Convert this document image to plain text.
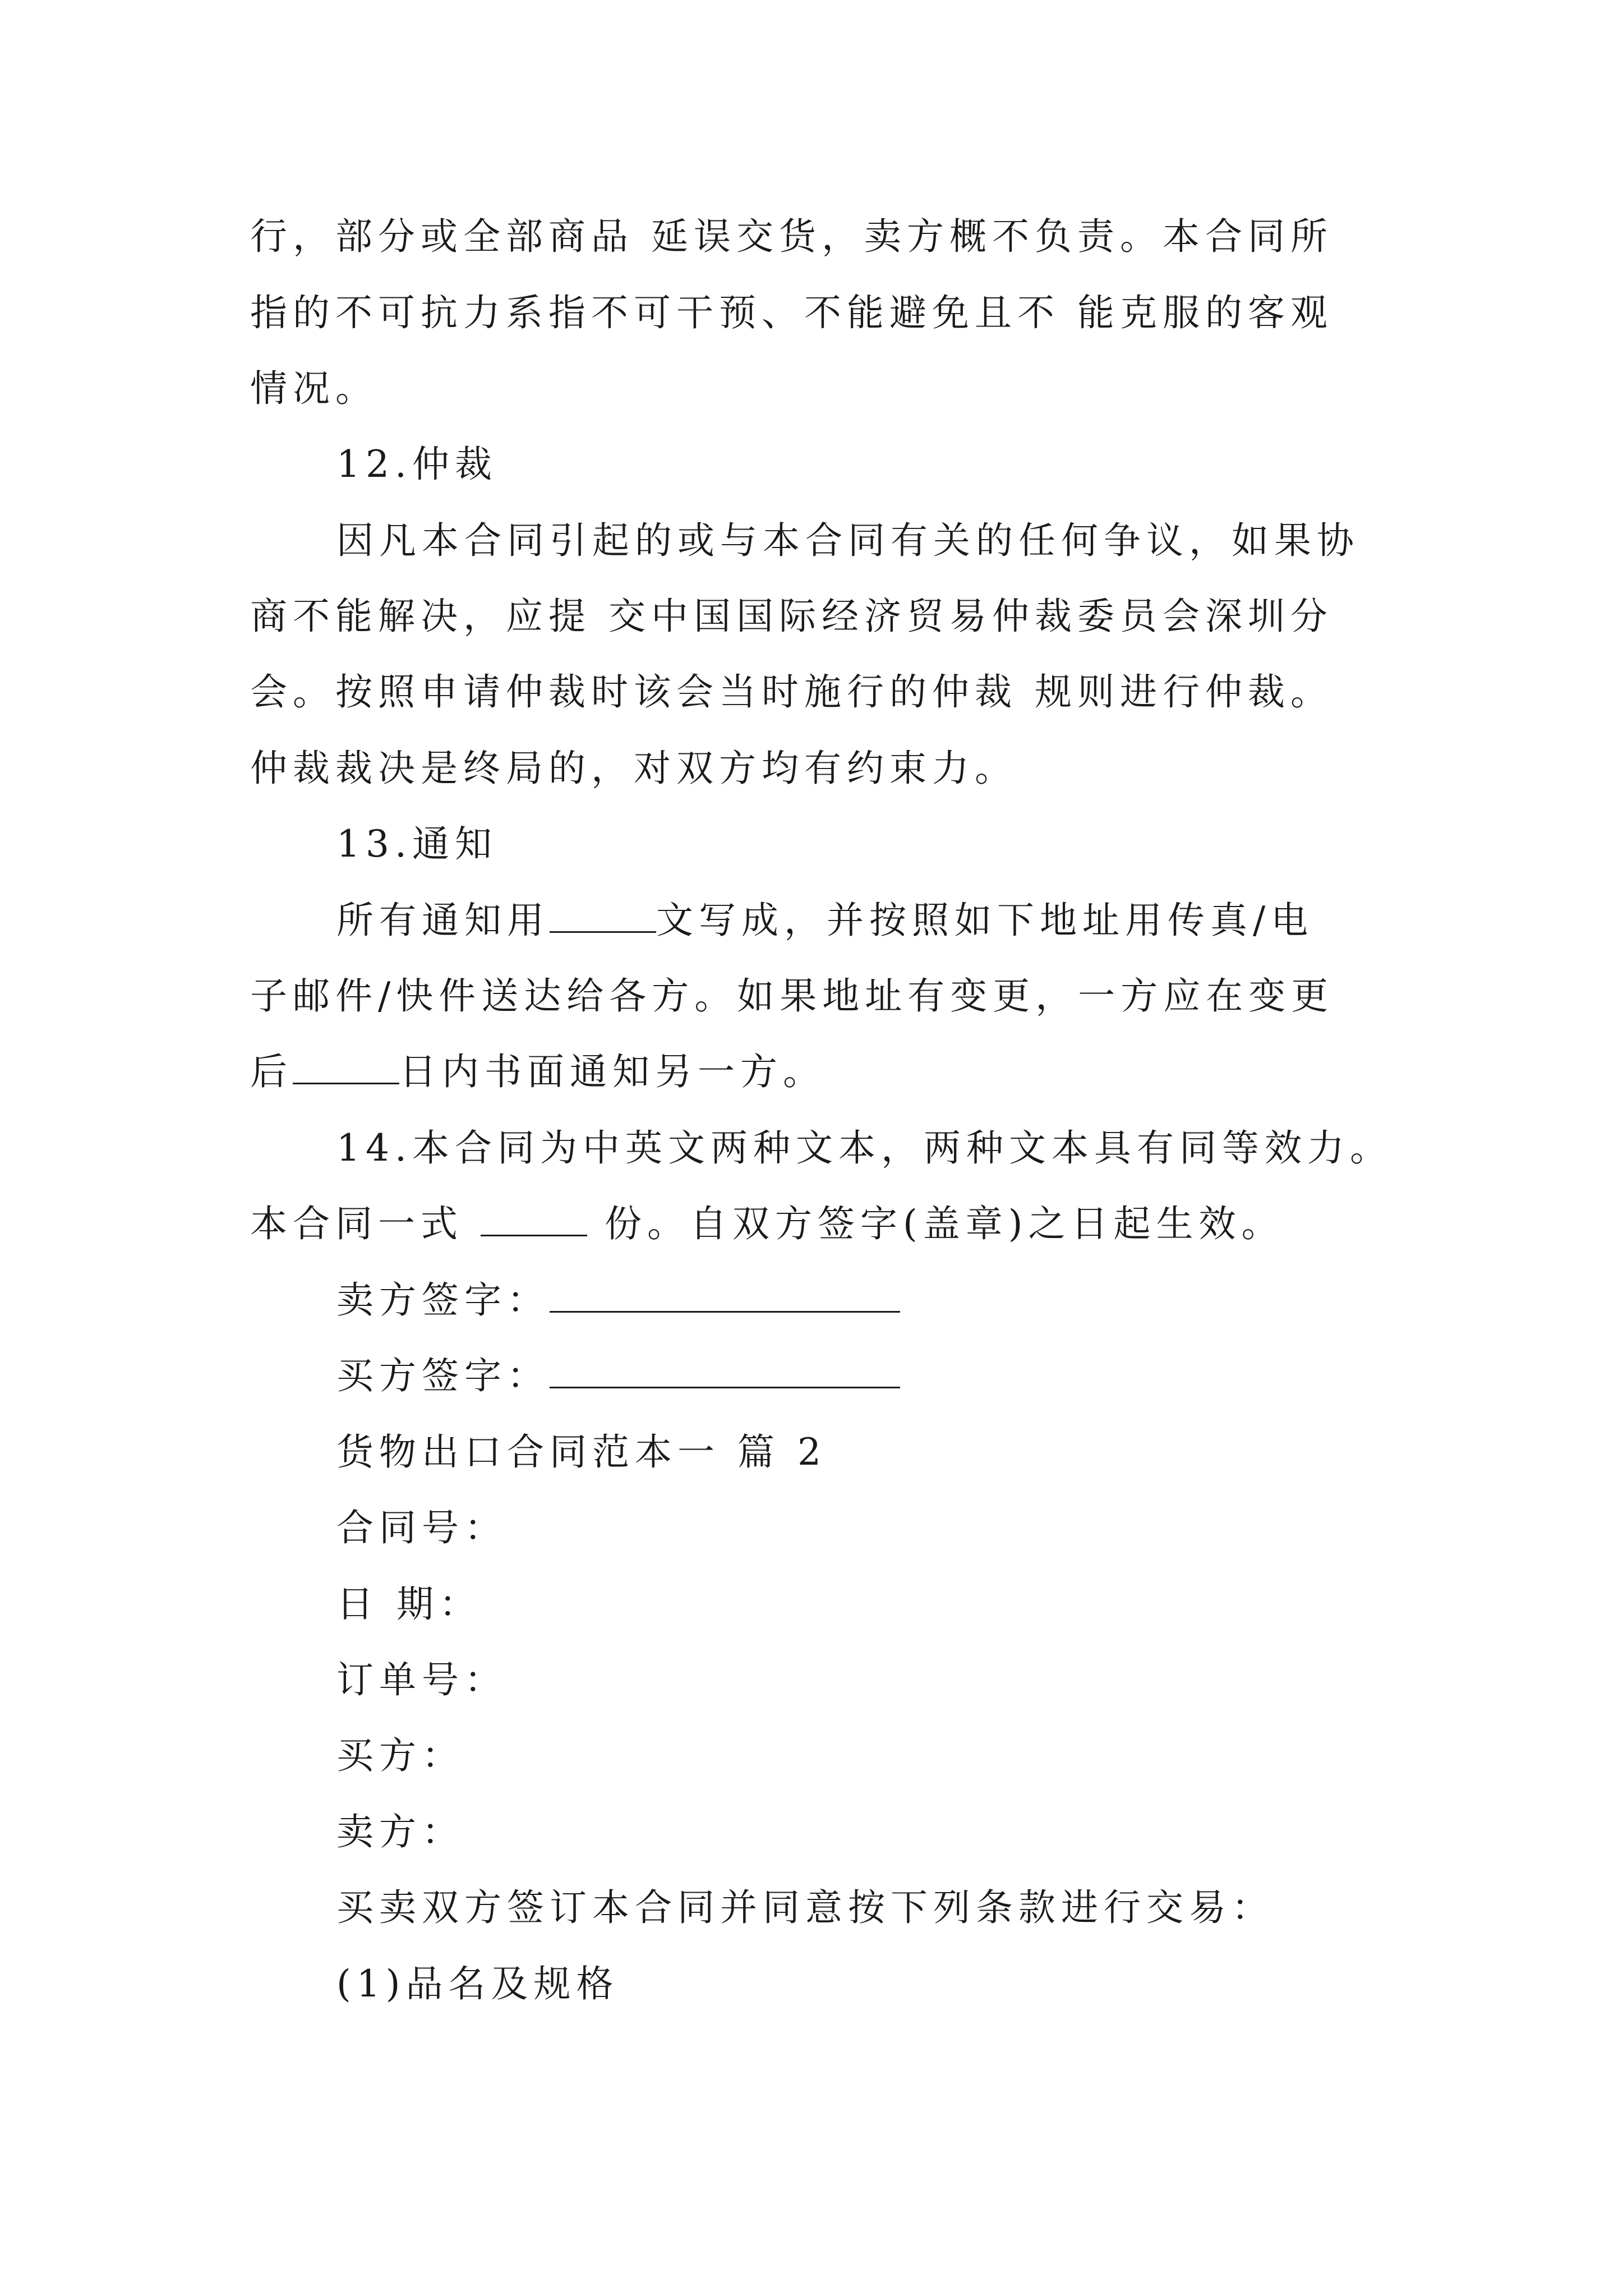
行，部分或全部商品 延误交货，卖方概不负责。本合同所

指的不可抗力系指不可干预、不能避免且不 能克服的客观

情况。

12.仲裁

因凡本合同引起的或与本合同有关的任何争议，如果协

商不能解决，应提 交中国国际经济贸易仲裁委员会深圳分

会。按照申请仲裁时该会当时施行的仲裁 规则进行仲裁。

仲裁裁决是终局的，对双方均有约束力。

13.通知

所有通知用	文写成，并按照如下地址用传真/电

子邮件/快件送达给各方。如果地址有变更，一方应在变更

后	日内书面通知另一方。

14.本合同为中英文两种文本，两种文本具有同等效力。

本合同一式	份。自双方签字(盖章)之日起生效。

卖方签字：

买方签字：

货物出口合同范本一 篇 2

合同号：

日 期：

订单号：

买方：

卖方：

买卖双方签订本合同并同意按下列条款进行交易：

(1)品名及规格
